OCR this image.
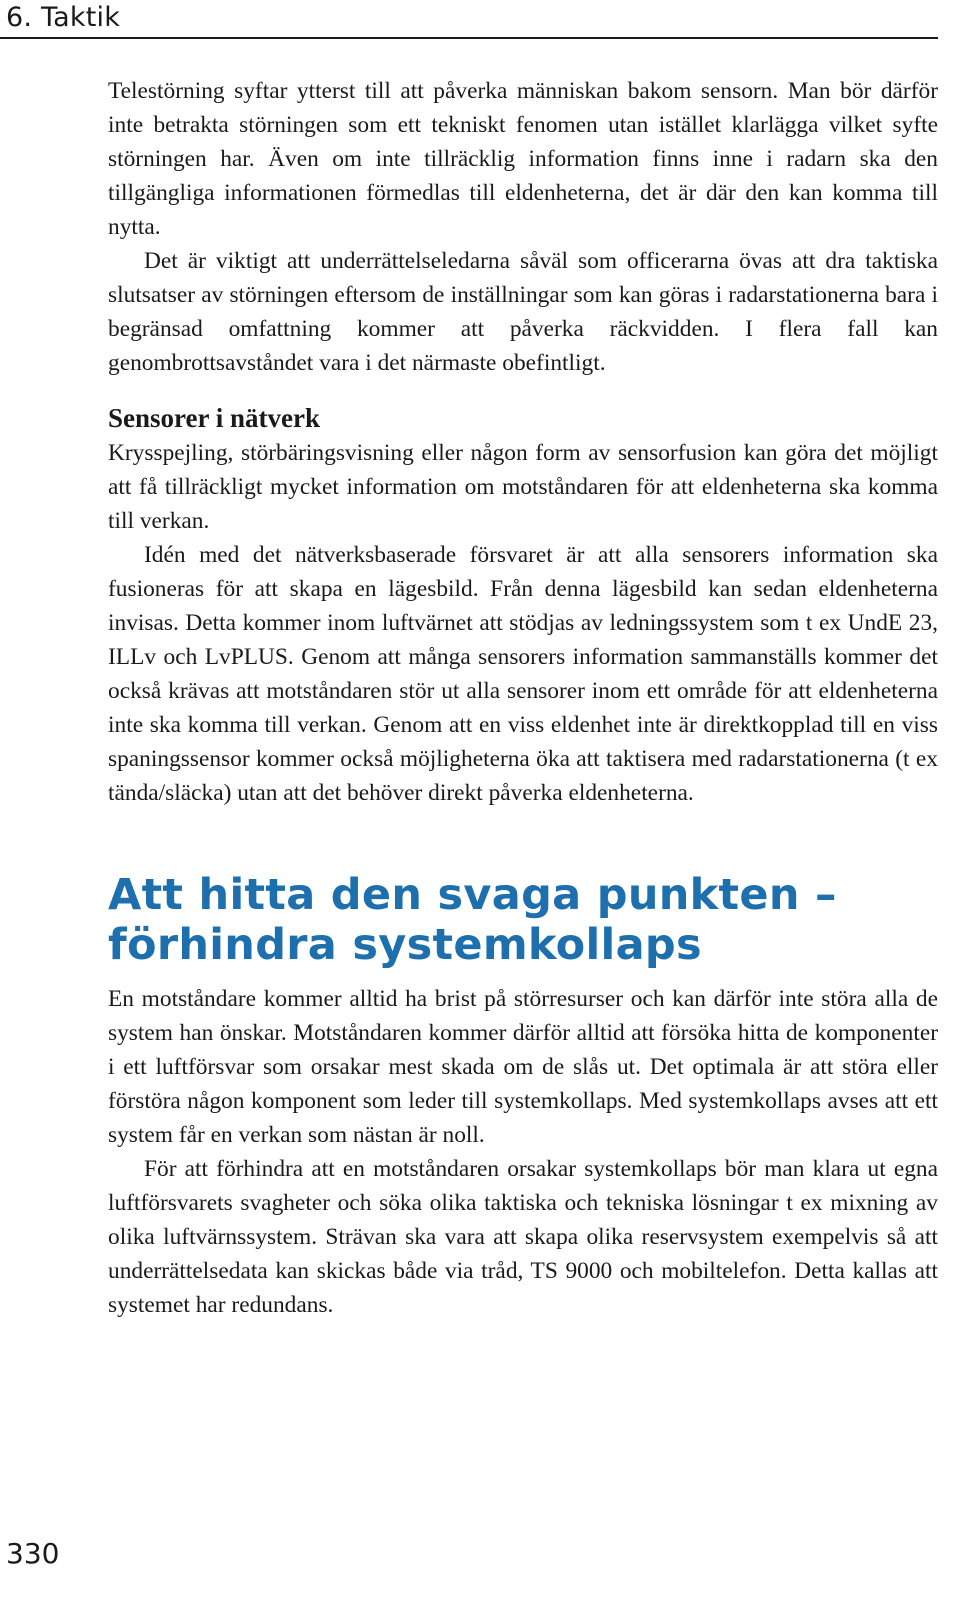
6. Taktik

Telestörning syftar ytterst till att påverka människan bakom sensorn. Man bör därför inte betrakta störningen som ett tekniskt fenomen utan istället klarlägga vilket syfte störningen har. Även om inte tillräcklig information finns inne i radarn ska den tillgängliga informationen förmedlas till eldenheterna, det är där den kan komma till nytta.

Det är viktigt att underrättelseledarna såväl som officerarna övas att dra taktiska slutsatser av störningen eftersom de inställningar som kan göras i radarstationerna bara i begränsad omfattning kommer att påverka räckvidden. I flera fall kan genombrottsavståndet vara i det närmaste obefintligt.

Sensorer i nätverk

Krysspejling, störbäringsvisning eller någon form av sensorfusion kan göra det möjligt att få tillräckligt mycket information om motståndaren för att eldenheterna ska komma till verkan.

Idén med det nätverksbaserade försvaret är att alla sensorers information ska fusioneras för att skapa en lägesbild. Från denna lägesbild kan sedan eldenheterna invisas. Detta kommer inom luftvärnet att stödjas av ledningssystem som t ex UndE 23, ILLv och LvPLUS. Genom att många sensorers information sammanställs kommer det också krävas att motståndaren stör ut alla sensorer inom ett område för att eldenheterna inte ska komma till verkan. Genom att en viss eldenhet inte är direktkopplad till en viss spaningssensor kommer också möjligheterna öka att taktisera med radarstationerna (t ex tända/släcka) utan att det behöver direkt påverka eldenheterna.

Att hitta den svaga punkten –
förhindra systemkollaps

En motståndare kommer alltid ha brist på störresurser och kan därför inte störa alla de system han önskar. Motståndaren kommer därför alltid att försöka hitta de komponenter i ett luftförsvar som orsakar mest skada om de slås ut. Det optimala är att störa eller förstöra någon komponent som leder till systemkollaps. Med systemkollaps avses att ett system får en verkan som nästan är noll.

För att förhindra att en motståndaren orsakar systemkollaps bör man klara ut egna luftförsvarets svagheter och söka olika taktiska och tekniska lösningar t ex mixning av olika luftvärnssystem. Strävan ska vara att skapa olika reservsystem exempelvis så att underrättelsedata kan skickas både via tråd, TS 9000 och mobiltelefon. Detta kallas att systemet har redundans.

330
